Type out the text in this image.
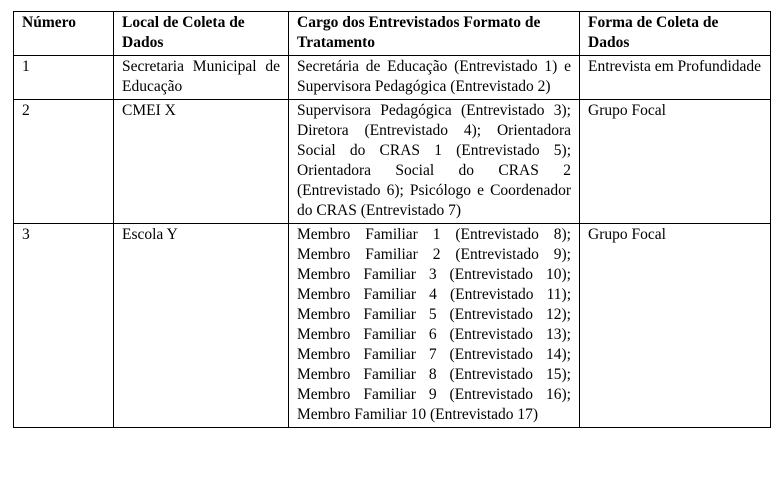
Número	Local de Coleta de Dados	Cargo dos Entrevistados Formato de Tratamento	Forma de Coleta de Dados
1	Secretaria Municipal de Educação	Secretária de Educação (Entrevistado 1) e Supervisora Pedagógica (Entrevistado 2)	Entrevista em Profundidade
2	CMEI X	Supervisora Pedagógica (Entrevistado 3); Diretora (Entrevistado 4); Orientadora Social do CRAS 1 (Entrevistado 5); Orientadora Social do CRAS 2 (Entrevistado 6); Psicólogo e Coordenador do CRAS (Entrevistado 7)	Grupo Focal
3	Escola Y	Membro Familiar 1 (Entrevistado 8); Membro Familiar 2 (Entrevistado 9); Membro Familiar 3 (Entrevistado 10); Membro Familiar 4 (Entrevistado 11); Membro Familiar 5 (Entrevistado 12); Membro Familiar 6 (Entrevistado 13); Membro Familiar 7 (Entrevistado 14); Membro Familiar 8 (Entrevistado 15); Membro Familiar 9 (Entrevistado 16); Membro Familiar 10 (Entrevistado 17)	Grupo Focal
